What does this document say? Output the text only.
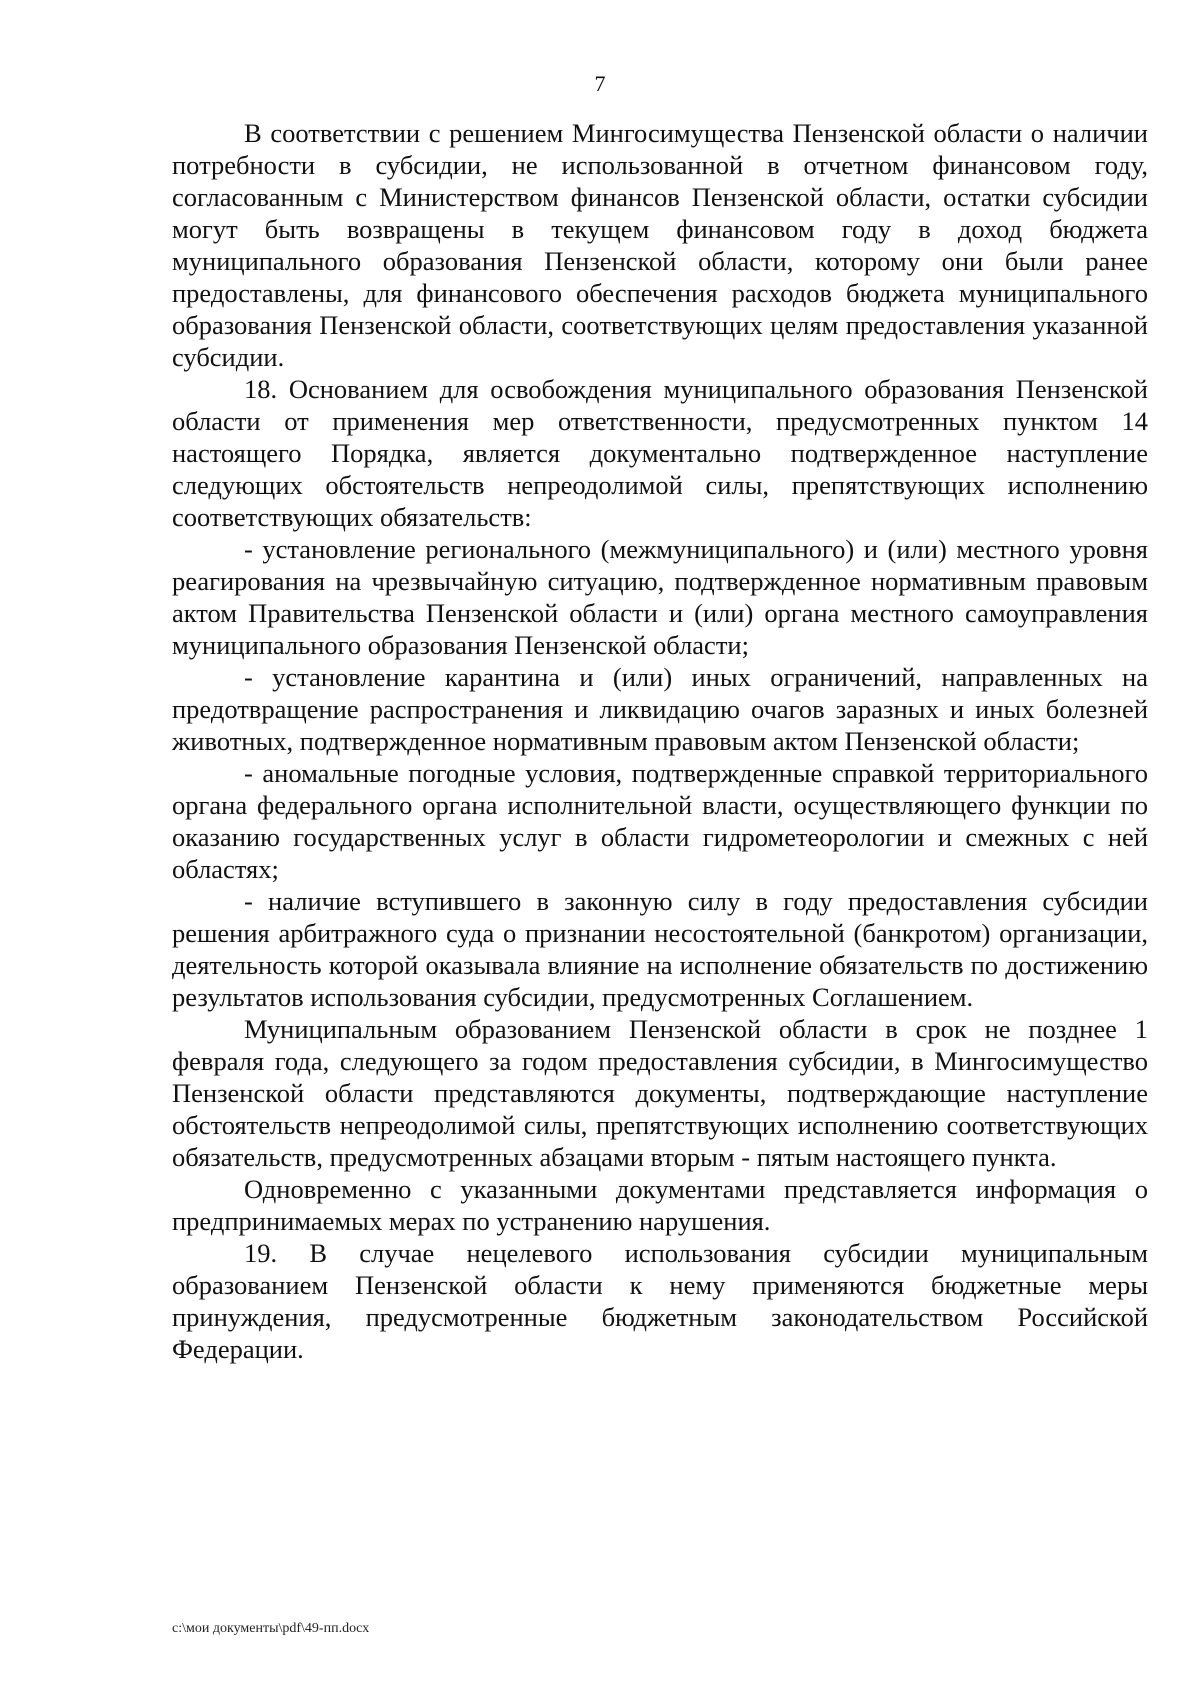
7

В соответствии с решением Мингосимущества Пензенской области о наличии потребности в субсидии, не использованной в отчетном финансовом году, согласованным с Министерством финансов Пензенской области, остатки субсидии могут быть возвращены в текущем финансовом году в доход бюджета муниципального образования Пензенской области, которому они были ранее предоставлены, для финансового обеспечения расходов бюджета муниципального образования Пензенской области, соответствующих целям предоставления указанной субсидии.

18. Основанием для освобождения муниципального образования Пензенской области от применения мер ответственности, предусмотренных пунктом 14 настоящего Порядка, является документально подтвержденное наступление следующих обстоятельств непреодолимой силы, препятствующих исполнению соответствующих обязательств:

- установление регионального (межмуниципального) и (или) местного уровня реагирования на чрезвычайную ситуацию, подтвержденное нормативным правовым актом Правительства Пензенской области и (или) органа местного самоуправления муниципального образования Пензенской области;

- установление карантина и (или) иных ограничений, направленных на предотвращение распространения и ликвидацию очагов заразных и иных болезней животных, подтвержденное нормативным правовым актом Пензенской области;

- аномальные погодные условия, подтвержденные справкой территориального органа федерального органа исполнительной власти, осуществляющего функции по оказанию государственных услуг в области гидрометеорологии и смежных с ней областях;

- наличие вступившего в законную силу в году предоставления субсидии решения арбитражного суда о признании несостоятельной (банкротом) организации, деятельность которой оказывала влияние на исполнение обязательств по достижению результатов использования субсидии, предусмотренных Соглашением.

Муниципальным образованием Пензенской области в срок не позднее 1 февраля года, следующего за годом предоставления субсидии, в Мингосимущество Пензенской области представляются документы, подтверждающие наступление обстоятельств непреодолимой силы, препятствующих исполнению соответствующих обязательств, предусмотренных абзацами вторым - пятым настоящего пункта.

Одновременно с указанными документами представляется информация о предпринимаемых мерах по устранению нарушения.

19. В случае нецелевого использования субсидии муниципальным образованием Пензенской области к нему применяются бюджетные меры принуждения, предусмотренные бюджетным законодательством Российской Федерации.

c:\мои документы\pdf\49-пп.docx
